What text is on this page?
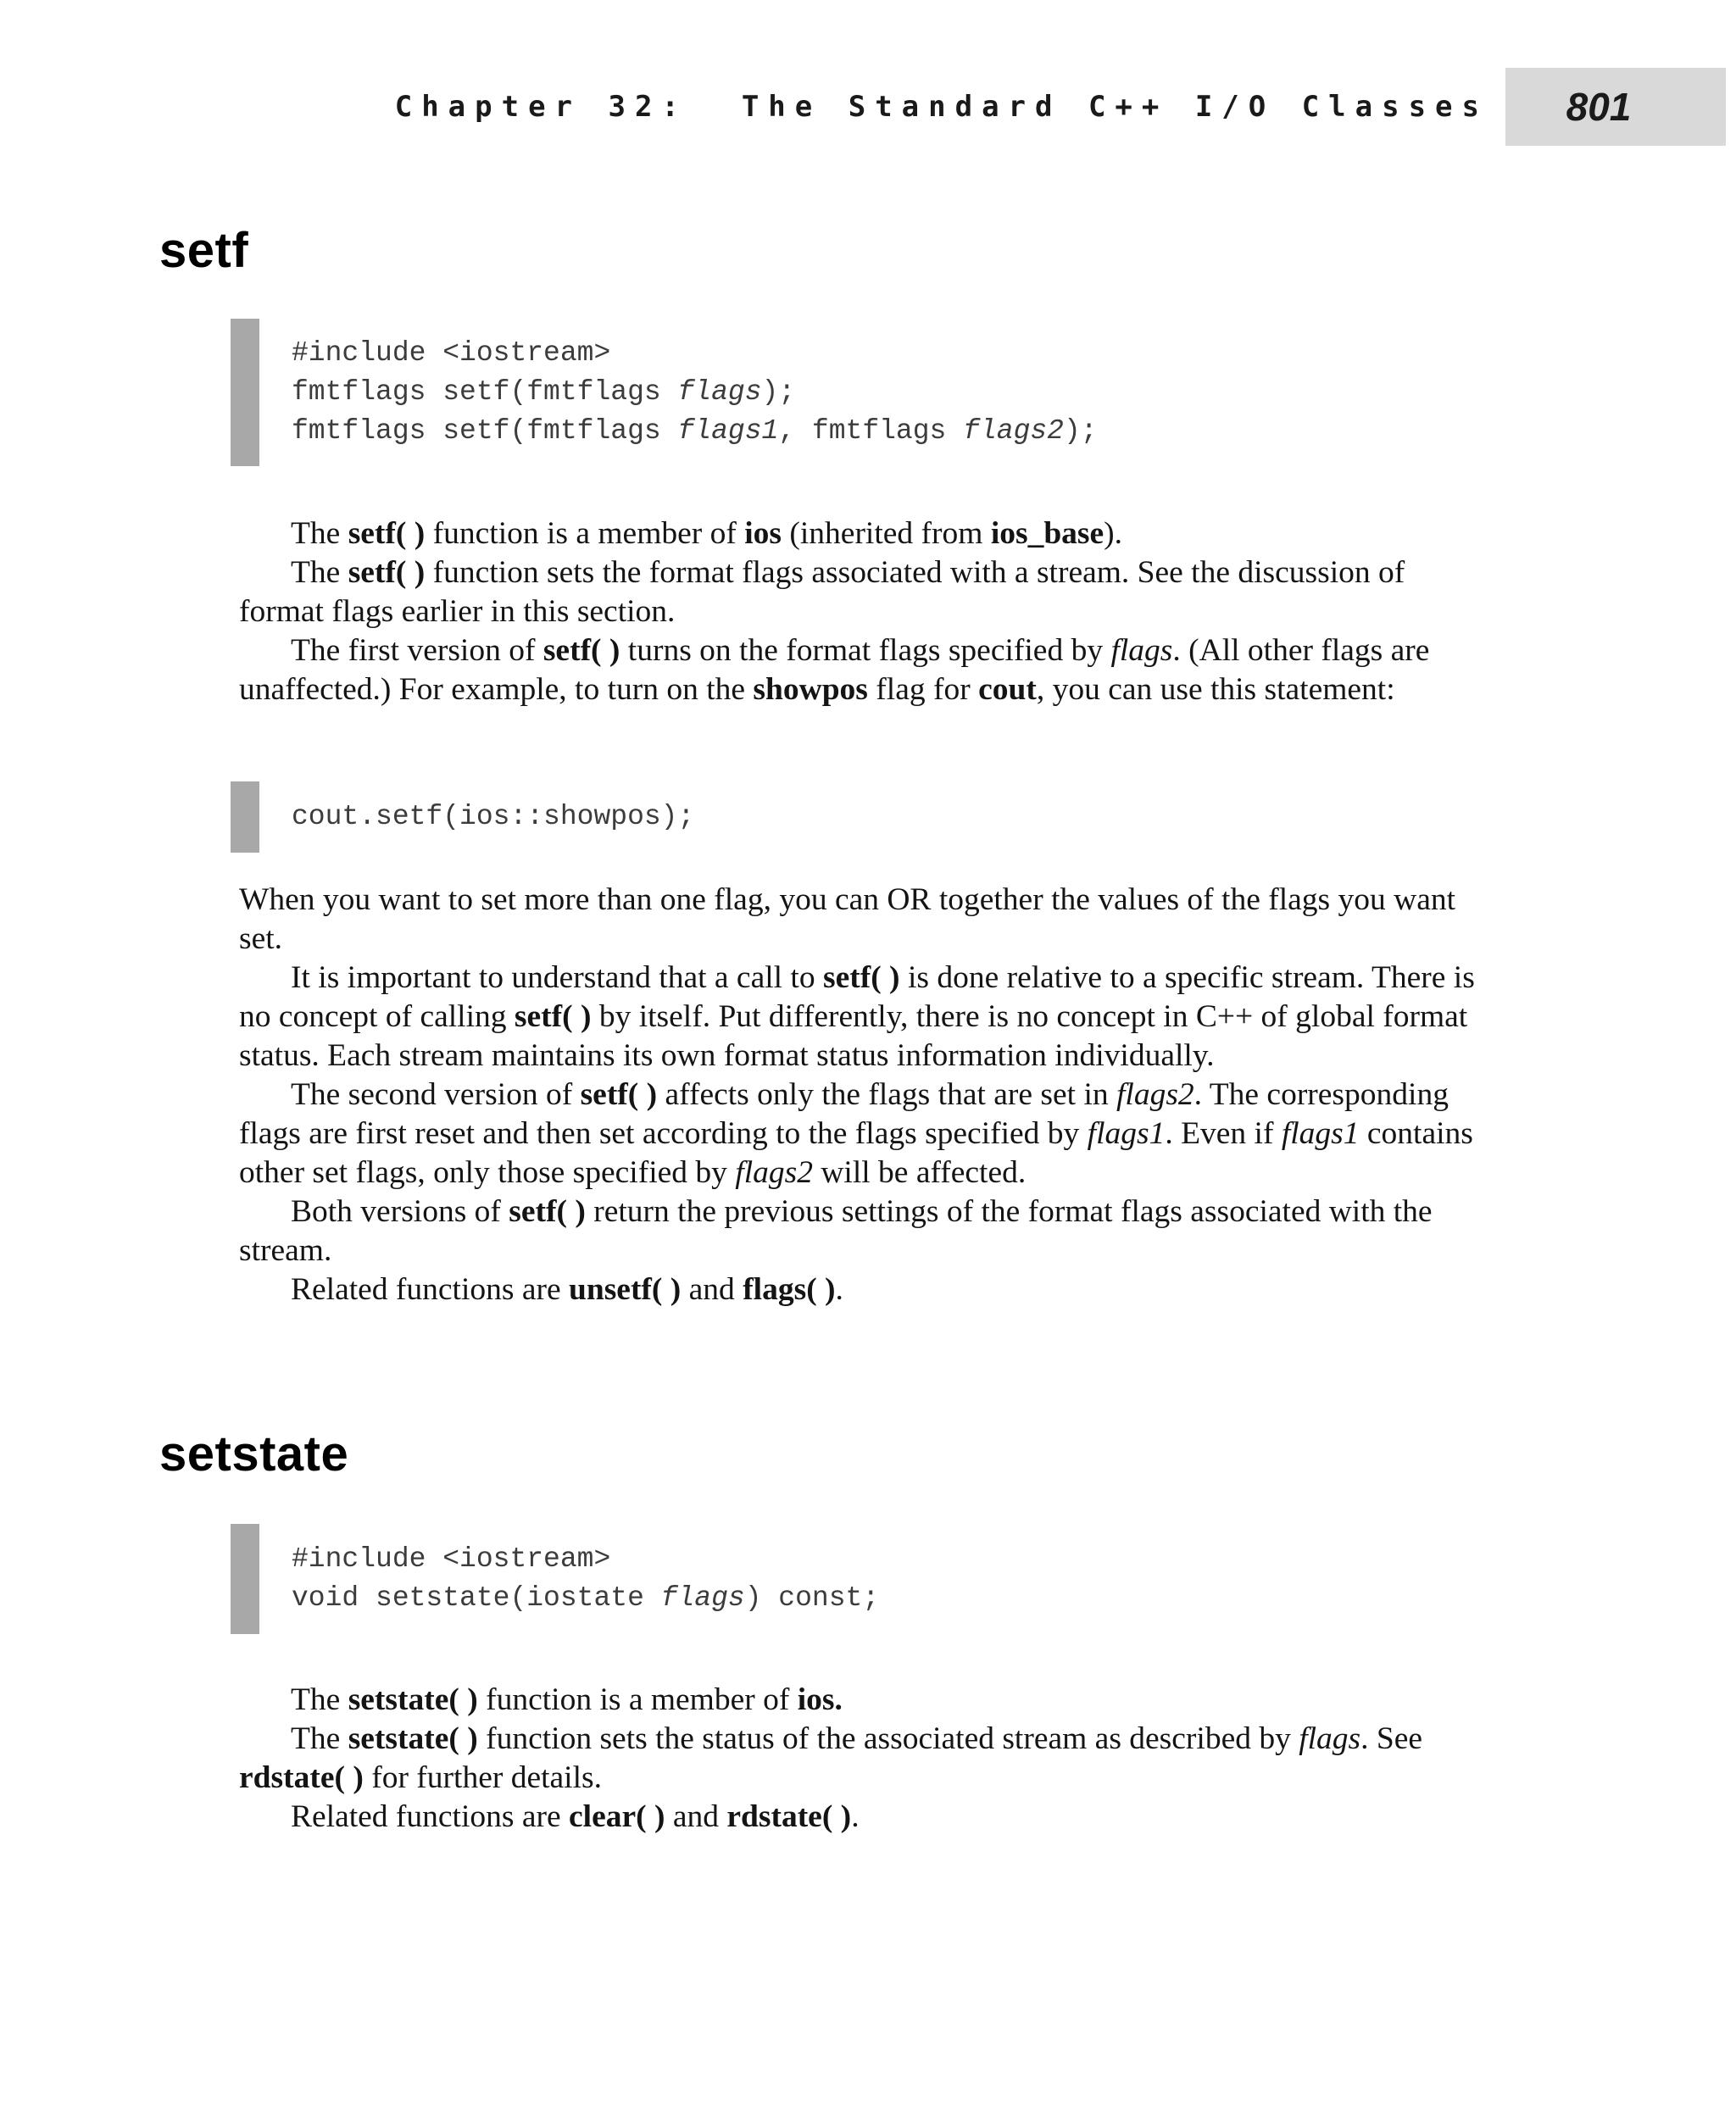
Chapter 32:  The Standard C++ I/O Classes 801
setf
#include <iostream>
fmtflags setf(fmtflags flags);
fmtflags setf(fmtflags flags1, fmtflags flags2);

The setf( ) function is a member of ios (inherited from ios_base).

The setf( ) function sets the format flags associated with a stream. See the discussion of format flags earlier in this section.

The first version of setf( ) turns on the format flags specified by flags. (All other flags are unaffected.) For example, to turn on the showpos flag for cout, you can use this statement:

cout.setf(ios::showpos);

When you want to set more than one flag, you can OR together the values of the flags you want set.

It is important to understand that a call to setf( ) is done relative to a specific stream. There is no concept of calling setf( ) by itself. Put differently, there is no concept in C++ of global format status. Each stream maintains its own format status information individually.

The second version of setf( ) affects only the flags that are set in flags2. The corresponding flags are first reset and then set according to the flags specified by flags1. Even if flags1 contains other set flags, only those specified by flags2 will be affected.

Both versions of setf( ) return the previous settings of the format flags associated with the stream.

Related functions are unsetf( ) and flags( ).

setstate
#include <iostream>
void setstate(iostate flags) const;

The setstate( ) function is a member of ios.

The setstate( ) function sets the status of the associated stream as described by flags. See rdstate( ) for further details.

Related functions are clear( ) and rdstate( ).
